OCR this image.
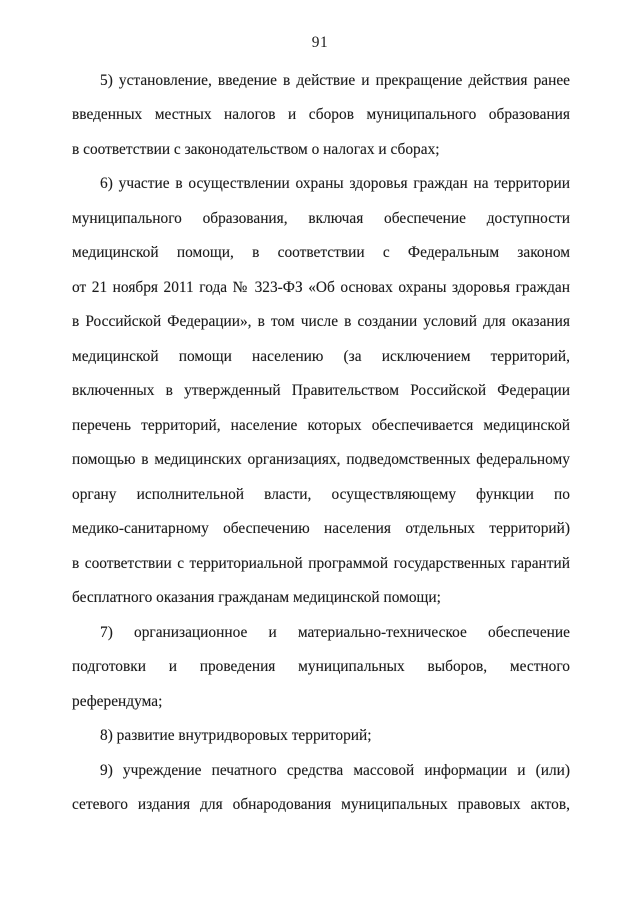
91
5) установление, введение в действие и прекращение действия ранее
введенных местных налогов и сборов муниципального образования
в соответствии с законодательством о налогах и сборах;
6) участие в осуществлении охраны здоровья граждан на территории
муниципального образования, включая обеспечение доступности
медицинской помощи, в соответствии с Федеральным законом
от 21 ноября 2011 года № 323-ФЗ «Об основах охраны здоровья граждан
в Российской Федерации», в том числе в создании условий для оказания
медицинской помощи населению (за исключением территорий,
включенных в утвержденный Правительством Российской Федерации
перечень территорий, население которых обеспечивается медицинской
помощью в медицинских организациях, подведомственных федеральному
органу исполнительной власти, осуществляющему функции по
медико-санитарному обеспечению населения отдельных территорий)
в соответствии с территориальной программой государственных гарантий
бесплатного оказания гражданам медицинской помощи;
7) организационное и материально-техническое обеспечение
подготовки и проведения муниципальных выборов, местного
референдума;
8) развитие внутридворовых территорий;
9) учреждение печатного средства массовой информации и (или)
сетевого издания для обнародования муниципальных правовых актов,
